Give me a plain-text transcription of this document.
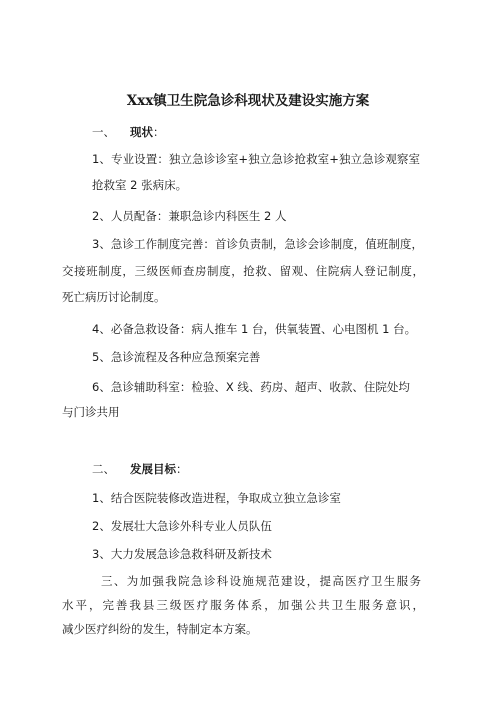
Xxx镇卫生院急诊科现状及建设实施方案
一、 现状：

1、专业设置：独立急诊诊室+独立急诊抢救室+独立急诊观察室

抢救室 2 张病床。

2、人员配备：兼职急诊内科医生 2 人

3、急诊工作制度完善：首诊负责制，急诊会诊制度，值班制度，

交接班制度，三级医师查房制度，抢救、留观、住院病人登记制度，

死亡病历讨论制度。

4、必备急救设备：病人推车 1 台，供氧装置、心电图机 1 台。

5、急诊流程及各种应急预案完善

6、急诊辅助科室：检验、X 线、药房、超声、收款、住院处均

与门诊共用

二、 发展目标：

1、结合医院装修改造进程，争取成立独立急诊室

2、发展壮大急诊外科专业人员队伍

3、大力发展急诊急救科研及新技术

三、为加强我院急诊科设施规范建设，提高医疗卫生服务

水平，完善我县三级医疗服务体系，加强公共卫生服务意识，

减少医疗纠纷的发生，特制定本方案。
